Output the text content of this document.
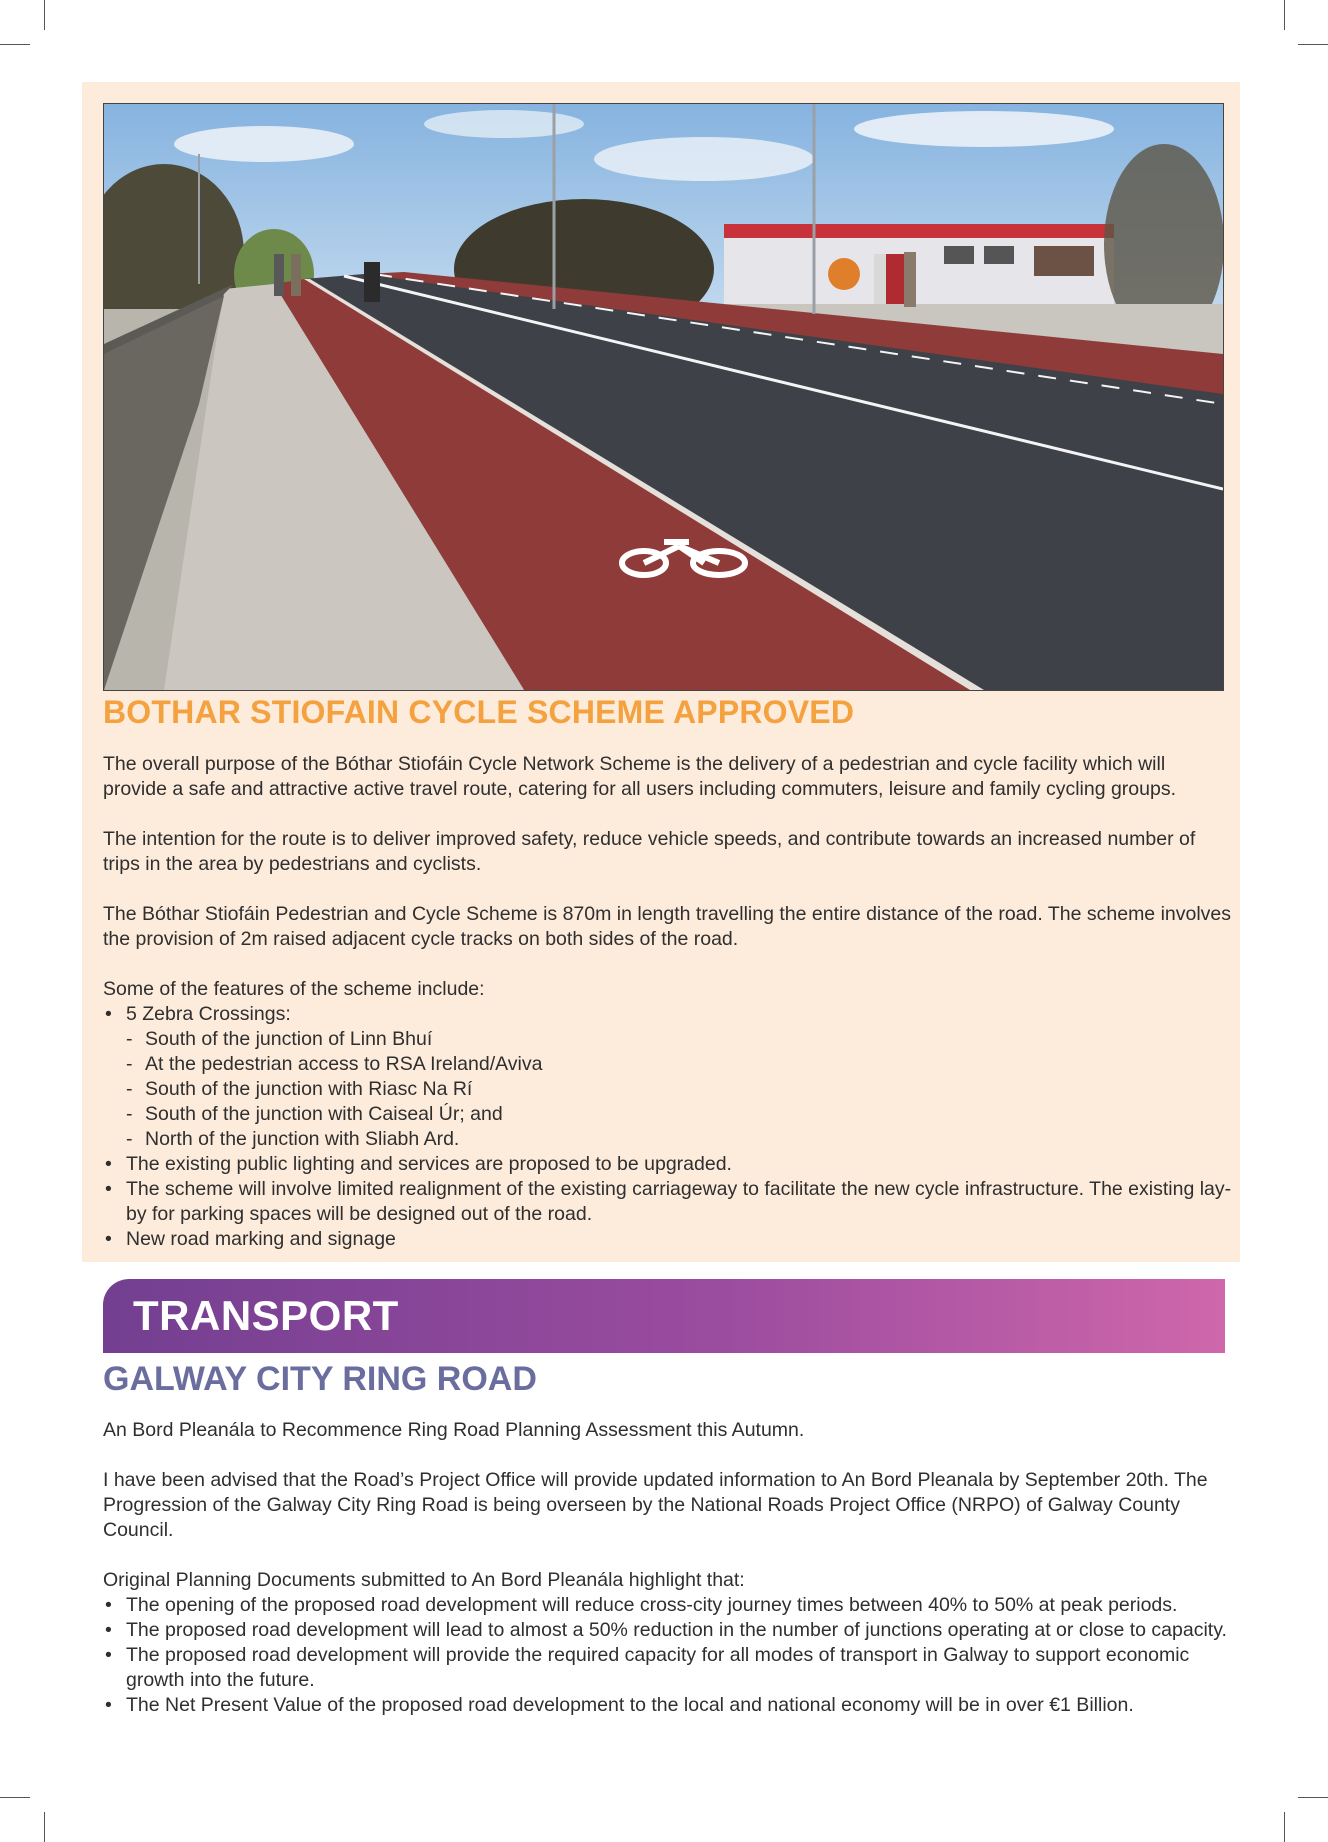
BOTHAR STIOFAIN CYCLE SCHEME APPROVED

The overall purpose of the Bóthar Stiofáin Cycle Network Scheme is the delivery of a pedestrian and cycle facility which will provide a safe and attractive active travel route, catering for all users including commuters, leisure and family cycling groups.

The intention for the route is to deliver improved safety, reduce vehicle speeds, and contribute towards an increased number of trips in the area by pedestrians and cyclists.

The Bóthar Stiofáin Pedestrian and Cycle Scheme is 870m in length travelling the entire distance of the road. The scheme involves the provision of 2m raised adjacent cycle tracks on both sides of the road.

Some of the features of the scheme include:

• 5 Zebra Crossings:
- South of the junction of Linn Bhuí
- At the pedestrian access to RSA Ireland/Aviva
- South of the junction with Riasc Na Rí
- South of the junction with Caiseal Úr; and
- North of the junction with Sliabh Ard.
• The existing public lighting and services are proposed to be upgraded.
• The scheme will involve limited realignment of the existing carriageway to facilitate the new cycle infrastructure. The existing lay-by for parking spaces will be designed out of the road.
• New road marking and signage
TRANSPORT
GALWAY CITY RING ROAD

An Bord Pleanála to Recommence Ring Road Planning Assessment this Autumn.

I have been advised that the Road’s Project Office will provide updated information to An Bord Pleanala by September 20th. The Progression of the Galway City Ring Road is being overseen by the National Roads Project Office (NRPO) of Galway County Council.

Original Planning Documents submitted to An Bord Pleanála highlight that:

• The opening of the proposed road development will reduce cross-city journey times between 40% to 50% at peak periods.
• The proposed road development will lead to almost a 50% reduction in the number of junctions operating at or close to capacity.
• The proposed road development will provide the required capacity for all modes of transport in Galway to support economic growth into the future.
• The Net Present Value of the proposed road development to the local and national economy will be in over €1 Billion.
